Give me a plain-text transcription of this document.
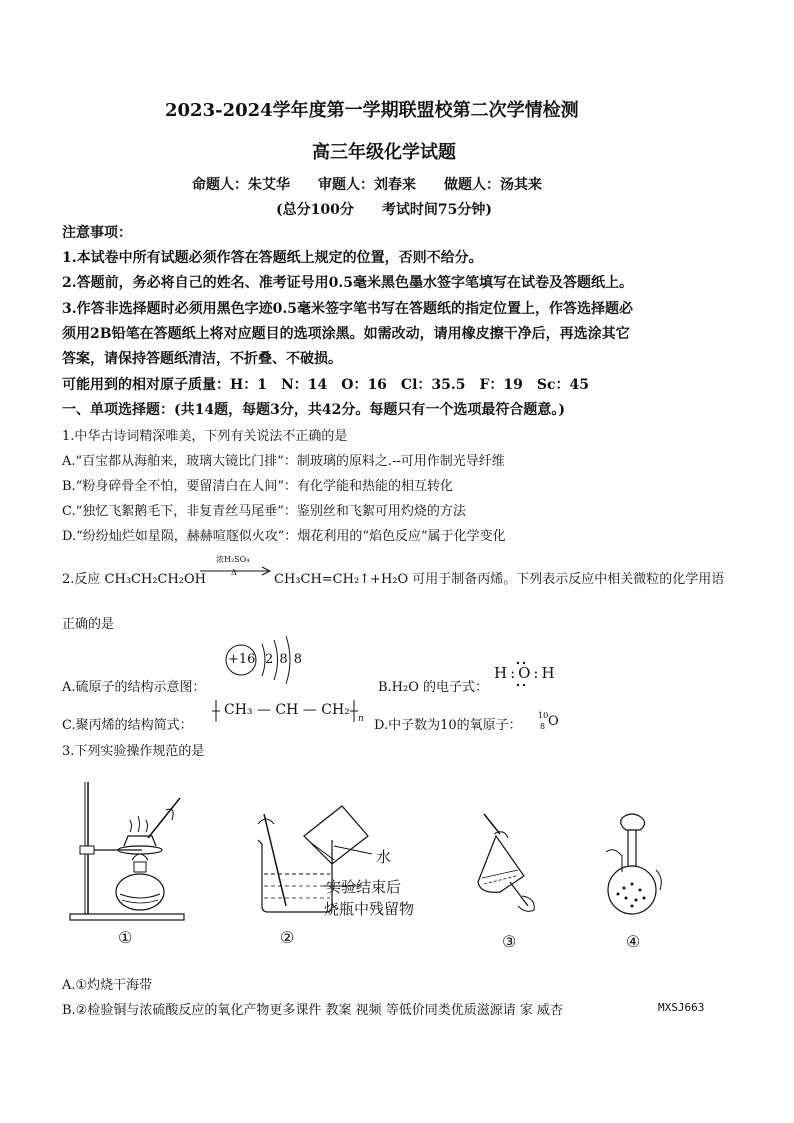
2023-2024学年度第一学期联盟校第二次学情检测
高三年级化学试题
命题人：朱艾华　　审题人：刘春来　　做题人：汤其来
(总分100分　　考试时间75分钟)
注意事项：
1.本试卷中所有试题必须作答在答题纸上规定的位置，否则不给分。
2.答题前，务必将自己的姓名、准考证号用0.5毫米黑色墨水签字笔填写在试卷及答题纸上。
3.作答非选择题时必须用黑色字迹0.5毫米签字笔书写在答题纸的指定位置上，作答选择题必
须用2B铅笔在答题纸上将对应题目的选项涂黑。如需改动，请用橡皮擦干净后，再选涂其它
答案，请保持答题纸清洁，不折叠、不破损。
可能用到的相对原子质量：H：1　N：14　O：16　Cl：35.5　F：19　Sc：45
一、单项选择题：(共14题，每题3分，共42分。每题只有一个选项最符合题意。)
1.中华古诗词精深唯美，下列有关说法不正确的是
A.“百宝都从海舶来，玻璃大镜比门排”：制玻璃的原料之.--可用作制光导纤维
B.“粉身碎骨全不怕，要留清白在人间”：有化学能和热能的相互转化
C.“独忆飞絮鹅毛下，非复青丝马尾垂”：鉴别丝和飞絮可用灼烧的方法
D.“纷纷灿烂如星陨，赫赫喧豗似火攻”：烟花利用的“焰色反应”属于化学变化
2.反应 CH₃CH₂CH₂OH
浓H₂SO₄
Δ	CH₃CH=CH₂↑+H₂O 可用于制备丙烯。下列表示反应中相关微粒的化学用语
正确的是
A.硫原子的结构示意图：
+16 2 8 8
B.H₂O 的电子式：
H:O:H
C.聚丙烯的结构简式：
CH₃ — CH — CH₂
n D.中子数为10的氧原子：
10
8 O
3.下列实验操作规范的是
①
水
实验结束后
烧瓶中残留物
②	③	④
A.①灼烧干海带
B.②检验铜与浓硫酸反应的氧化产物更多课件 教案 视频 等低价同类优质滋源请 家 威杏	MXSJ663
